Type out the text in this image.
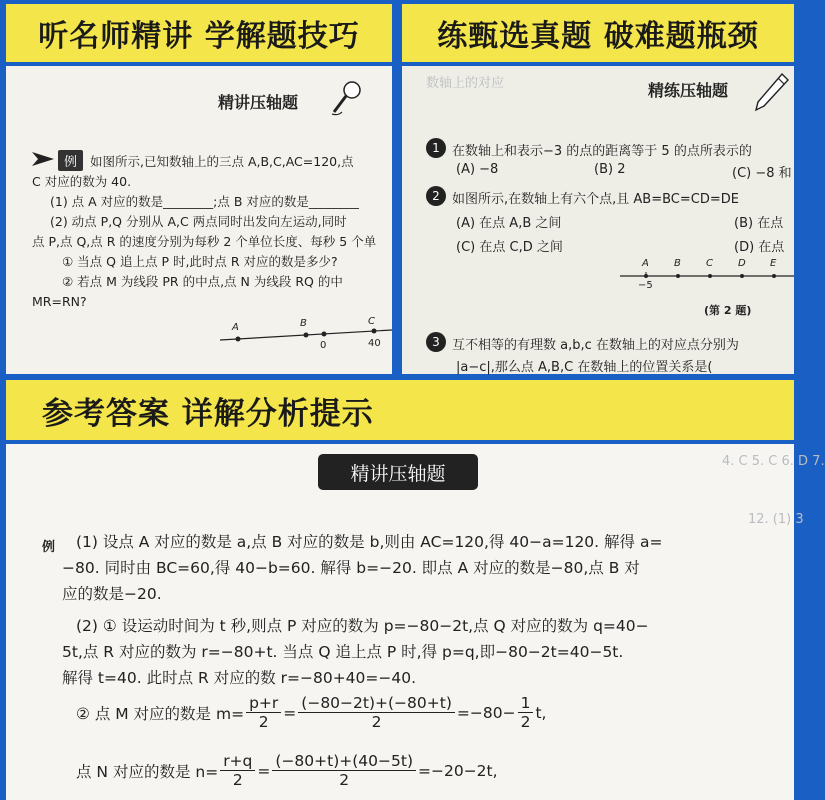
听名师精讲 学解题技巧	练甄选真题 破难题瓶颈
精讲压轴题
例	如图所示,已知数轴上的三点 A,B,C,AC=120,点
C 对应的数为 40.
(1) 点 A 对应的数是________;点 B 对应的数是________
(2) 动点 P,Q 分别从 A,C 两点同时出发向左运动,同时
点 P,点 Q,点 R 的速度分别为每秒 2 个单位长度、每秒 5 个单
① 当点 Q 追上点 P 时,此时点 R 对应的数是多少?
② 若点 M 为线段 PR 的中点,点 N 为线段 RQ 的中
MR=RN?
A	B	C
0	40
数轴上的对应	精练压轴题
1 在数轴上和表示−3 的点的距离等于 5 的点所表示的
(A) −8	(B) 2	(C) −8 和
2 如图所示,在数轴上有六个点,且 AB=BC=CD=DE
(A) 在点 A,B 之间	(B) 在点
(C) 在点 C,D 之间	(D) 在点
A	B	C	D E
−5
(第 2 题)
3 互不相等的有理数 a,b,c 在数轴上的对应点分别为
|a−c|,那么点 A,B,C 在数轴上的位置关系是(
参考答案 详解分析提示
4. C 5. C 6. D 7.
12. (1) 3
精讲压轴题
例 (1) 设点 A 对应的数是 a,点 B 对应的数是 b,则由 AC=120,得 40−a=120. 解得 a=
−80. 同时由 BC=60,得 40−b=60. 解得 b=−20. 即点 A 对应的数是−80,点 B 对
应的数是−20.
(2) ① 设运动时间为 t 秒,则点 P 对应的数为 p=−80−2t,点 Q 对应的数为 q=40−
5t,点 R 对应的数为 r=−80+t. 当点 Q 追上点 P 时,得 p=q,即−80−2t=40−5t.
解得 t=40. 此时点 R 对应的数 r=−80+40=−40.
② 点 M 对应的数是 $m= \frac{p+r}{2} = \frac{(-80-2t)+(-80+t)}{2} =-80- \frac{1}{2} t$,
点 N 对应的数是 $n= \frac{r+q}{2} = \frac{(-80+t)+(40-5t)}{2} =-20-2t$,
